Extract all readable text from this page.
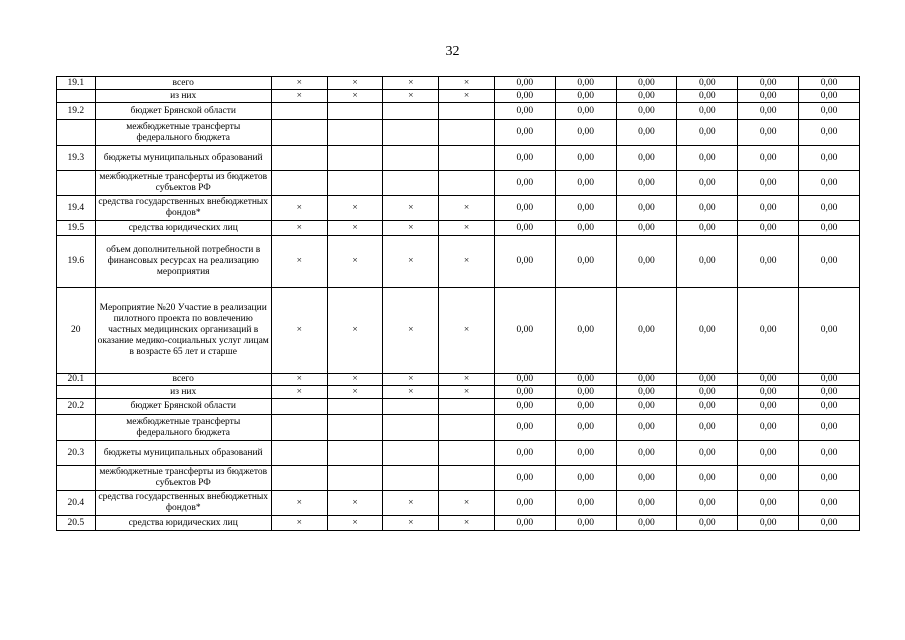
32
19.1	всего	×	×	×	×	0,00	0,00	0,00	0,00	0,00	0,00
	из них	×	×	×	×	0,00	0,00	0,00	0,00	0,00	0,00
19.2	бюджет Брянской области					0,00	0,00	0,00	0,00	0,00	0,00
	межбюджетные трансферты федерального бюджета					0,00	0,00	0,00	0,00	0,00	0,00
19.3	бюджеты муниципальных образований					0,00	0,00	0,00	0,00	0,00	0,00
	межбюджетные трансферты из бюджетов субъектов РФ					0,00	0,00	0,00	0,00	0,00	0,00
19.4	средства государственных внебюджетных фондов*	×	×	×	×	0,00	0,00	0,00	0,00	0,00	0,00
19.5	средства юридических лиц	×	×	×	×	0,00	0,00	0,00	0,00	0,00	0,00
19.6	объем дополнительной потребности в финансовых ресурсах на реализацию мероприятия	×	×	×	×	0,00	0,00	0,00	0,00	0,00	0,00
20	Мероприятие №20 Участие в реализации пилотного проекта по вовлечению частных медицинских организаций в оказание медико-социальных услуг лицам в возрасте 65 лет и старше	×	×	×	×	0,00	0,00	0,00	0,00	0,00	0,00
20.1	всего	×	×	×	×	0,00	0,00	0,00	0,00	0,00	0,00
	из них	×	×	×	×	0,00	0,00	0,00	0,00	0,00	0,00
20.2	бюджет Брянской области					0,00	0,00	0,00	0,00	0,00	0,00
	межбюджетные трансферты федерального бюджета					0,00	0,00	0,00	0,00	0,00	0,00
20.3	бюджеты муниципальных образований					0,00	0,00	0,00	0,00	0,00	0,00
	межбюджетные трансферты из бюджетов субъектов РФ					0,00	0,00	0,00	0,00	0,00	0,00
20.4	средства государственных внебюджетных фондов*	×	×	×	×	0,00	0,00	0,00	0,00	0,00	0,00
20.5	средства юридических лиц	×	×	×	×	0,00	0,00	0,00	0,00	0,00	0,00
